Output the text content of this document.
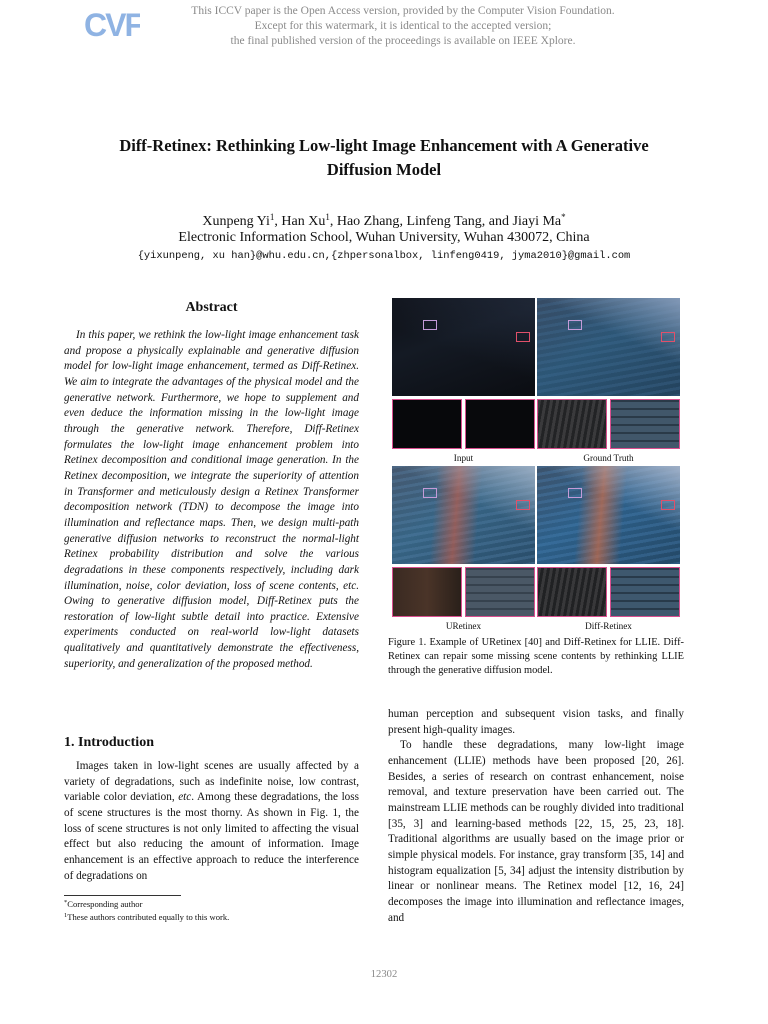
CVF	This ICCV paper is the Open Access version, provided by the Computer Vision Foundation.
Except for this watermark, it is identical to the accepted version;
the final published version of the proceedings is available on IEEE Xplore.
Diff-Retinex: Rethinking Low-light Image Enhancement with A Generative
Diffusion Model
Xunpeng Yi$^1$, Han Xu$^1$, Hao Zhang, Linfeng Tang, and Jiayi Ma*
Electronic Information School, Wuhan University, Wuhan 430072, China
{yixunpeng, xu han}@whu.edu.cn,{zhpersonalbox, linfeng0419, jyma2010}@gmail.com
Abstract
In this paper, we rethink the low-light image enhancement task and propose a physically explainable and generative diffusion model for low-light image enhancement, termed as Diff-Retinex. We aim to integrate the advantages of the physical model and the generative network. Furthermore, we hope to supplement and even deduce the information missing in the low-light image through the generative network. Therefore, Diff-Retinex formulates the low-light image enhancement problem into Retinex decomposition and conditional image generation. In the Retinex decomposition, we integrate the superiority of attention in Transformer and meticulously design a Retinex Transformer decomposition network (TDN) to decompose the image into illumination and reflectance maps. Then, we design multi-path generative diffusion networks to reconstruct the normal-light Retinex probability distribution and solve the various degradations in these components respectively, including dark illumination, noise, color deviation, loss of scene contents, etc. Owing to generative diffusion model, Diff-Retinex puts the restoration of low-light subtle detail into practice. Extensive experiments conducted on real-world low-light datasets qualitatively and quantitatively demonstrate the effectiveness, superiority, and generalization of the proposed method.
1. Introduction
Images taken in low-light scenes are usually affected by a variety of degradations, such as indefinite noise, low contrast, variable color deviation, etc. Among these degradations, the loss of scene structures is the most thorny. As shown in Fig. 1, the loss of scene structures is not only limited to affecting the visual effect but also reducing the amount of information. Image enhancement is an effective approach to reduce the interference of degradations on
*Corresponding author
$^1$These authors contributed equally to this work.
Input	Ground Truth
URetinex	Diff-Retinex
Figure 1. Example of URetinex [40] and Diff-Retinex for LLIE. Diff-Retinex can repair some missing scene contents by rethinking LLIE through the generative diffusion model.

human perception and subsequent vision tasks, and finally present high-quality images.

To handle these degradations, many low-light image enhancement (LLIE) methods have been proposed [20, 26]. Besides, a series of research on contrast enhancement, noise removal, and texture preservation have been carried out. The mainstream LLIE methods can be roughly divided into traditional [35, 3] and learning-based methods [22, 15, 25, 23, 18]. Traditional algorithms are usually based on the image prior or simple physical models. For instance, gray transform [35, 14] and histogram equalization [5, 34] adjust the intensity distribution by linear or nonlinear means. The Retinex model [12, 16, 24] decomposes the image into illumination and reflectance images, and

12302
